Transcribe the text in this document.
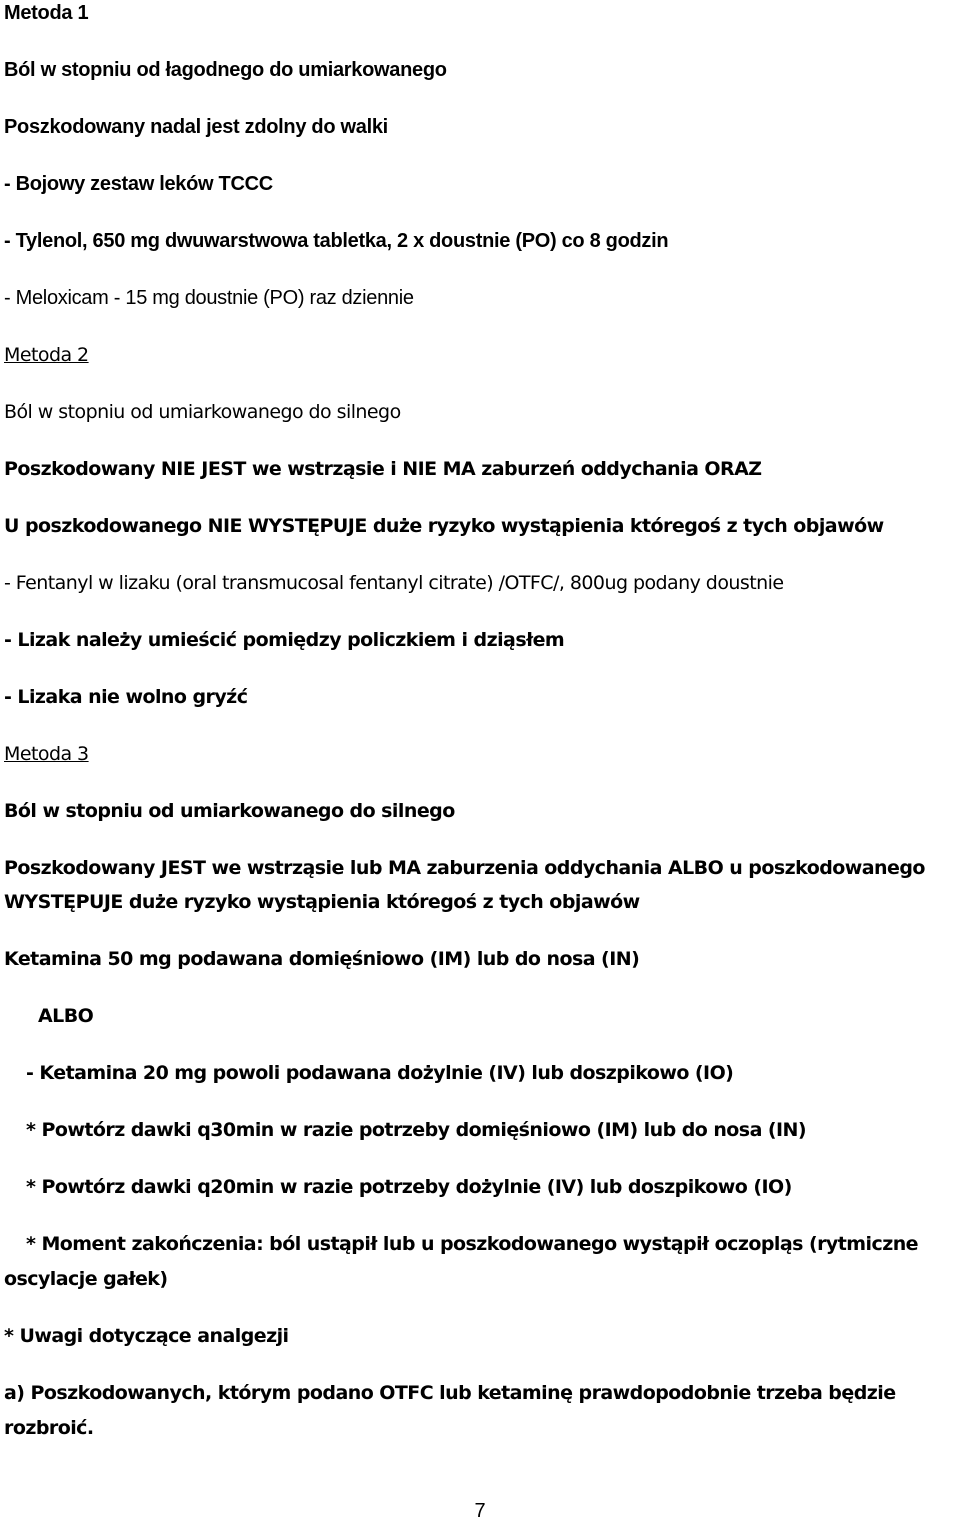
Metoda 1

Ból w stopniu od łagodnego do umiarkowanego

Poszkodowany nadal jest zdolny do walki

- Bojowy zestaw leków TCCC

- Tylenol, 650 mg dwuwarstwowa tabletka, 2 x doustnie (PO) co 8 godzin

- Meloxicam - 15 mg doustnie (PO) raz dziennie

Metoda 2

Ból w stopniu od umiarkowanego do silnego

Poszkodowany NIE JEST we wstrząsie i NIE MA zaburzeń oddychania ORAZ

U poszkodowanego NIE WYSTĘPUJE duże ryzyko wystąpienia któregoś z tych objawów

- Fentanyl w lizaku (oral transmucosal fentanyl citrate) /OTFC/, 800ug podany doustnie

- Lizak należy umieścić pomiędzy policzkiem i dziąsłem

- Lizaka nie wolno gryźć

Metoda 3

Ból w stopniu od umiarkowanego do silnego

Poszkodowany JEST we wstrząsie lub MA zaburzenia oddychania ALBO u poszkodowanego

WYSTĘPUJE duże ryzyko wystąpienia któregoś z tych objawów

Ketamina 50 mg podawana domięśniowo (IM) lub do nosa (IN)

ALBO

- Ketamina 20 mg powoli podawana dożylnie (IV) lub doszpikowo (IO)

* Powtórz dawki q30min w razie potrzeby domięśniowo (IM) lub do nosa (IN)

* Powtórz dawki q20min w razie potrzeby dożylnie (IV) lub doszpikowo (IO)

* Moment zakończenia: ból ustąpił lub u poszkodowanego wystąpił oczopląs (rytmiczne

oscylacje gałek)

* Uwagi dotyczące analgezji

a) Poszkodowanych, którym podano OTFC lub ketaminę prawdopodobnie trzeba będzie

rozbroić.

7
